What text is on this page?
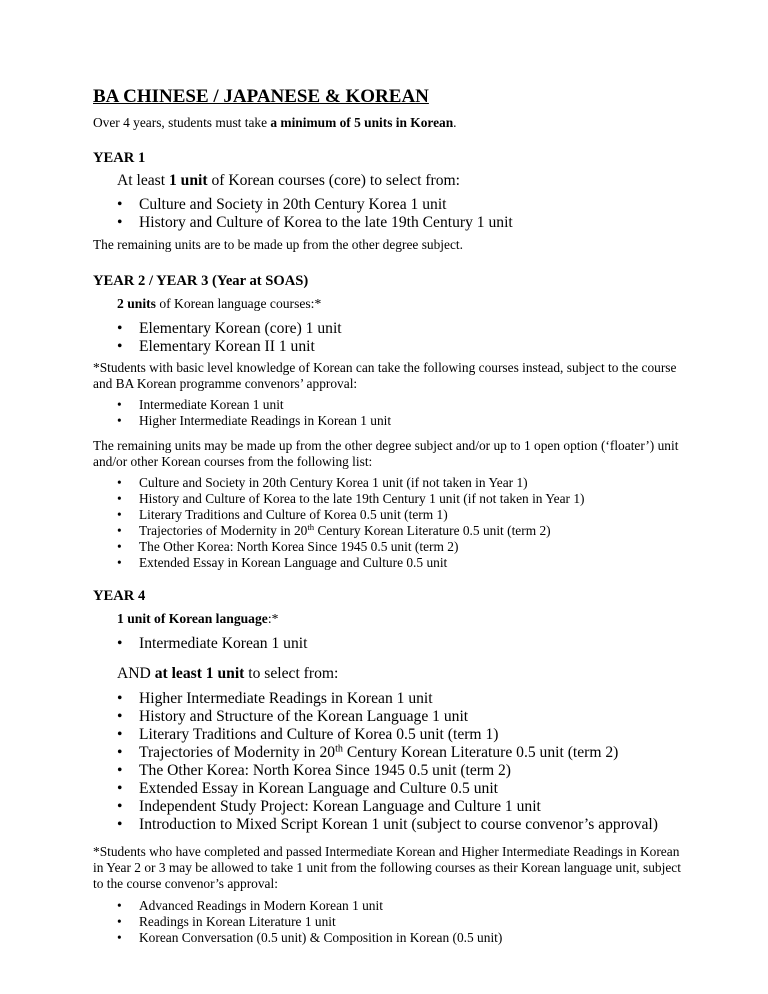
BA CHINESE / JAPANESE & KOREAN
Over 4 years, students must take a minimum of 5 units in Korean.
YEAR 1
At least 1 unit of Korean courses (core) to select from:
• Culture and Society in 20th Century Korea 1 unit
• History and Culture of Korea to the late 19th Century 1 unit
The remaining units are to be made up from the other degree subject.
YEAR 2 / YEAR 3 (Year at SOAS)
2 units of Korean language courses:*
• Elementary Korean (core) 1 unit
• Elementary Korean II 1 unit
*Students with basic level knowledge of Korean can take the following courses instead, subject to the course and BA Korean programme convenors’ approval:
• Intermediate Korean 1 unit
• Higher Intermediate Readings in Korean 1 unit
The remaining units may be made up from the other degree subject and/or up to 1 open option (‘floater’) unit and/or other Korean courses from the following list:
• Culture and Society in 20th Century Korea 1 unit (if not taken in Year 1)
• History and Culture of Korea to the late 19th Century 1 unit (if not taken in Year 1)
• Literary Traditions and Culture of Korea 0.5 unit (term 1)
• Trajectories of Modernity in 20th Century Korean Literature 0.5 unit (term 2)
• The Other Korea: North Korea Since 1945 0.5 unit (term 2)
• Extended Essay in Korean Language and Culture 0.5 unit
YEAR 4
1 unit of Korean language:*
• Intermediate Korean 1 unit
AND at least 1 unit to select from:
• Higher Intermediate Readings in Korean 1 unit
• History and Structure of the Korean Language 1 unit
• Literary Traditions and Culture of Korea 0.5 unit (term 1)
• Trajectories of Modernity in 20th Century Korean Literature 0.5 unit (term 2)
• The Other Korea: North Korea Since 1945 0.5 unit (term 2)
• Extended Essay in Korean Language and Culture 0.5 unit
• Independent Study Project: Korean Language and Culture 1 unit
• Introduction to Mixed Script Korean 1 unit (subject to course convenor’s approval)
*Students who have completed and passed Intermediate Korean and Higher Intermediate Readings in Korean in Year 2 or 3 may be allowed to take 1 unit from the following courses as their Korean language unit, subject to the course convenor’s approval:
• Advanced Readings in Modern Korean 1 unit
• Readings in Korean Literature 1 unit
• Korean Conversation (0.5 unit) & Composition in Korean (0.5 unit)
